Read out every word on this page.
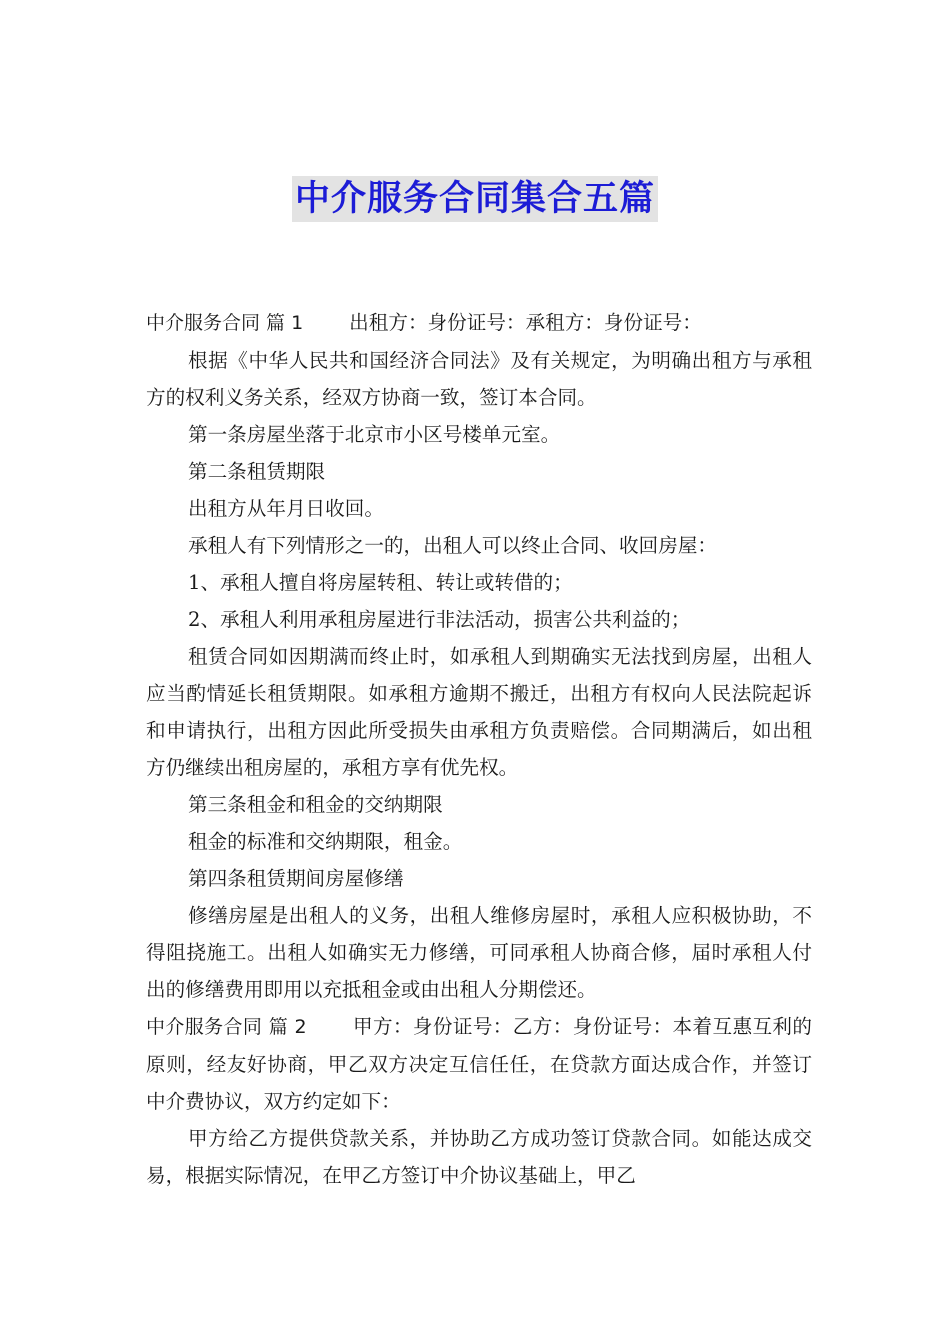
中介服务合同集合五篇

中介服务合同 篇 1 出租方：身份证号：承租方：身份证号：

根据《中华人民共和国经济合同法》及有关规定，为明确出租方与承租方的权利义务关系，经双方协商一致，签订本合同。

第一条房屋坐落于北京市小区号楼单元室。

第二条租赁期限

出租方从年月日收回。

承租人有下列情形之一的，出租人可以终止合同、收回房屋：

1、承租人擅自将房屋转租、转让或转借的；

2、承租人利用承租房屋进行非法活动，损害公共利益的；

租赁合同如因期满而终止时，如承租人到期确实无法找到房屋，出租人应当酌情延长租赁期限。如承租方逾期不搬迁，出租方有权向人民法院起诉和申请执行，出租方因此所受损失由承租方负责赔偿。合同期满后，如出租方仍继续出租房屋的，承租方享有优先权。

第三条租金和租金的交纳期限

租金的标准和交纳期限，租金。

第四条租赁期间房屋修缮

修缮房屋是出租人的义务，出租人维修房屋时，承租人应积极协助，不得阻挠施工。出租人如确实无力修缮，可同承租人协商合修，届时承租人付出的修缮费用即用以充抵租金或由出租人分期偿还。

中介服务合同 篇 2 甲方：身份证号：乙方：身份证号：本着互惠互利的原则，经友好协商，甲乙双方决定互信任任，在贷款方面达成合作，并签订中介费协议，双方约定如下：

甲方给乙方提供贷款关系，并协助乙方成功签订贷款合同。如能达成交易，根据实际情况，在甲乙方签订中介协议基础上，甲乙
